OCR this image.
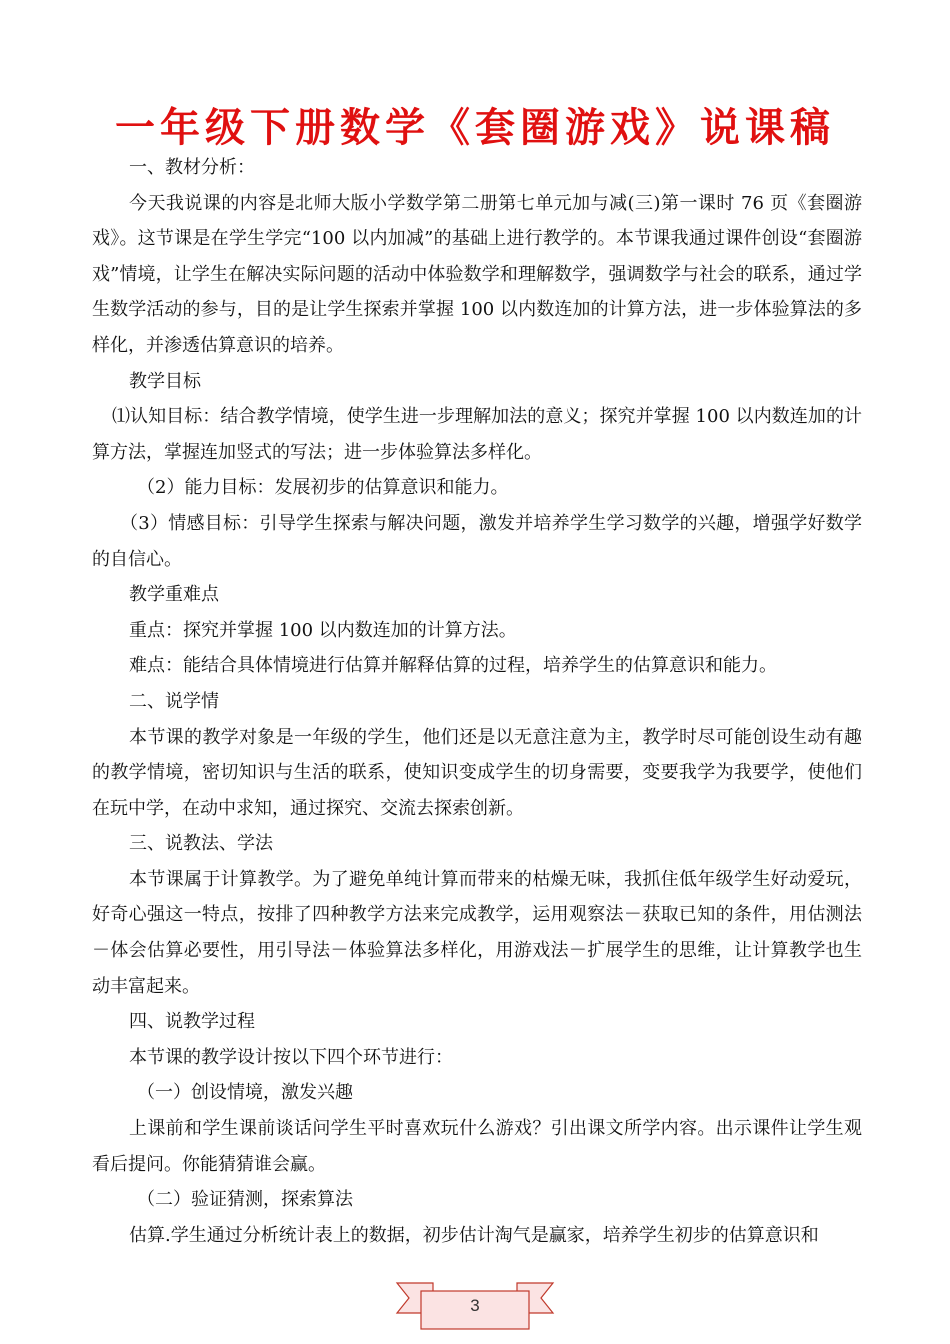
一年级下册数学《套圈游戏》说课稿

一、教材分析：

今天我说课的内容是北师大版小学数学第二册第七单元加与减(三)第一课时 76 页《套圈游戏》。这节课是在学生学完“100 以内加减”的基础上进行教学的。本节课我通过课件创设“套圈游戏”情境，让学生在解决实际问题的活动中体验数学和理解数学，强调数学与社会的联系，通过学生数学活动的参与，目的是让学生探索并掌握 100 以内数连加的计算方法，进一步体验算法的多样化，并渗透估算意识的培养。

教学目标

⑴认知目标：结合教学情境，使学生进一步理解加法的意义；探究并掌握 100 以内数连加的计算方法，掌握连加竖式的写法；进一步体验算法多样化。

（2）能力目标：发展初步的估算意识和能力。

（3）情感目标：引导学生探索与解决问题，激发并培养学生学习数学的兴趣，增强学好数学的自信心。

教学重难点

重点：探究并掌握 100 以内数连加的计算方法。

难点：能结合具体情境进行估算并解释估算的过程，培养学生的估算意识和能力。

二、说学情

本节课的教学对象是一年级的学生，他们还是以无意注意为主，教学时尽可能创设生动有趣的教学情境，密切知识与生活的联系，使知识变成学生的切身需要，变要我学为我要学，使他们在玩中学，在动中求知，通过探究、交流去探索创新。

三、说教法、学法

本节课属于计算教学。为了避免单纯计算而带来的枯燥无味，我抓住低年级学生好动爱玩，好奇心强这一特点，按排了四种教学方法来完成教学，运用观察法－获取已知的条件，用估测法－体会估算必要性，用引导法－体验算法多样化，用游戏法－扩展学生的思维，让计算教学也生动丰富起来。

四、说教学过程

本节课的教学设计按以下四个环节进行：

（一）创设情境，激发兴趣

上课前和学生课前谈话问学生平时喜欢玩什么游戏？引出课文所学内容。出示课件让学生观看后提问。你能猜猜谁会赢。

（二）验证猜测，探索算法

估算.学生通过分析统计表上的数据，初步估计淘气是赢家，培养学生初步的估算意识和

3
